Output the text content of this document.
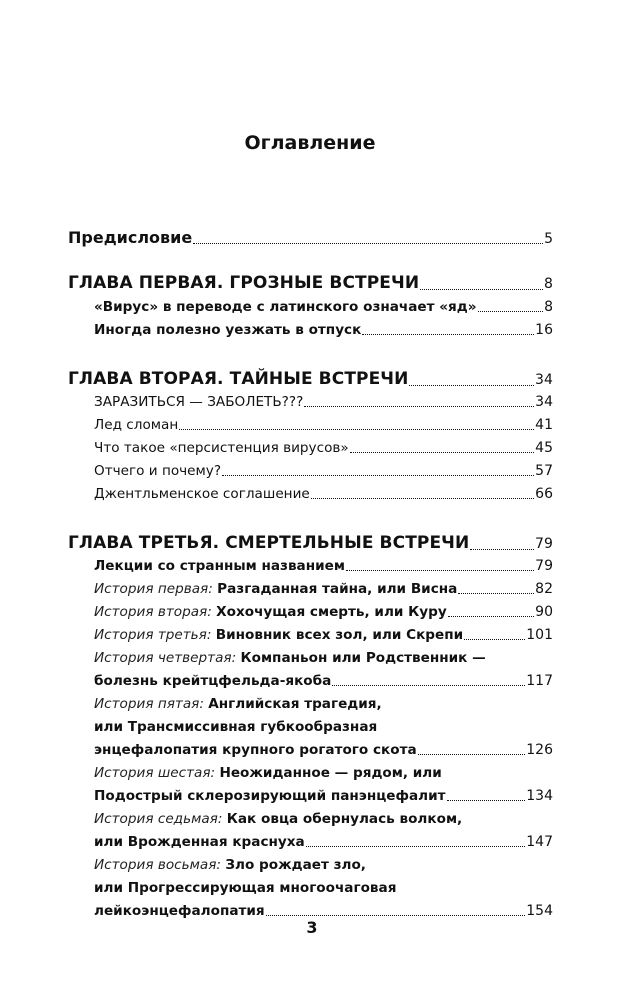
Оглавление
Предисловие	5
ГЛАВА ПЕРВАЯ. ГРОЗНЫЕ ВСТРЕЧИ	8
«Вирус» в переводе с латинского означает «яд»	8
Иногда полезно уезжать в отпуск	16
ГЛАВА ВТОРАЯ. ТАЙНЫЕ ВСТРЕЧИ	34
ЗАРАЗИТЬСЯ — ЗАБОЛЕТЬ???	34
Лед сломан	41
Что такое «персистенция вирусов»	45
Отчего и почему?	57
Джентльменское соглашение	66
ГЛАВА ТРЕТЬЯ. СМЕРТЕЛЬНЫЕ ВСТРЕЧИ	79
Лекции со странным названием	79
История первая: Разгаданная тайна, или Висна	82
История вторая: Хохочущая смерть, или Куру	90
История третья: Виновник всех зол, или Скрепи	101
История четвертая: Компаньон или Родственник —
болезнь крейтцфельда-якоба	117
История пятая: Английская трагедия,
или Трансмиссивная губкообразная
энцефалопатия крупного рогатого скота	126
История шестая: Неожиданное — рядом, или
Подострый склерозирующий панэнцефалит	134
История седьмая: Как овца обернулась волком,
или Врожденная краснуха	147
История восьмая: Зло рождает зло,
или Прогрессирующая многоочаговая
лейкоэнцефалопатия	154
3
